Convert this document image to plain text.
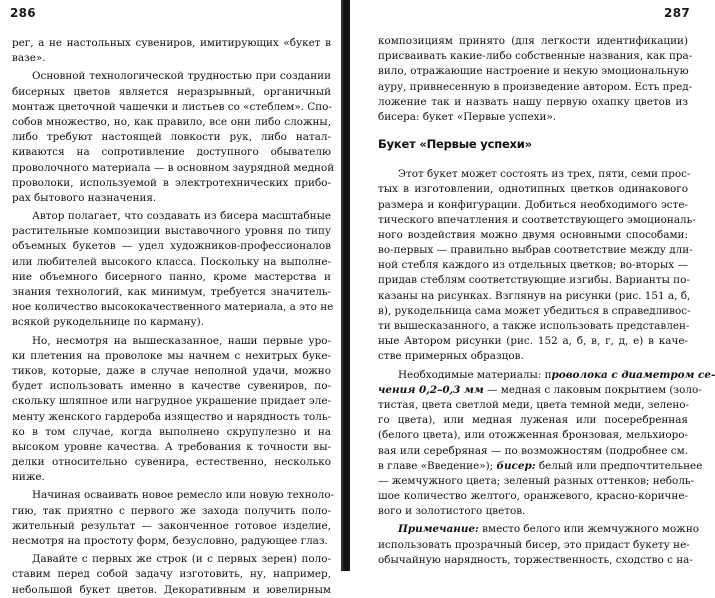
286
рег, а не настольных сувениров, имитирующих «букет в
вазе».
Основной технологической трудностью при создании
бисерных цветов является неразрывный, органичный
монтаж цветочной чашечки и листьев со «стеблем». Спо-
собов множество, но, как правило, все они либо сложны,
либо требуют настоящей ловкости рук, либо натал-
киваются на сопротивление доступного обывателю
проволочного материала — в основном заурядной медной
проволоки, используемой в электротехнических прибо-
рах бытового назначения.
Автор полагает, что создавать из бисера масштабные
растительные композиции выставочного уровня по типу
объемных букетов — удел художников-профессионалов
или любителей высокого класса. Поскольку на выполне-
ние объемного бисерного панно, кроме мастерства и
знания технологий, как минимум, требуется значитель-
ное количество высококачественного материала, а это не
всякой рукодельнице по карману).
Но, несмотря на вышесказанное, наши первые уро-
ки плетения на проволоке мы начнем с нехитрых буке-
тиков, которые, даже в случае неполной удачи, можно
будет использовать именно в качестве сувениров, по-
скольку шляпное или нагрудное украшение придает эле-
менту женского гардероба изящество и нарядность толь-
ко в том случае, когда выполнено скрупулезно и на
высоком уровне качества. А требования к точности вы-
делки относительно сувенира, естественно, несколько
ниже.
Начиная осваивать новое ремесло или новую техноло-
гию, так приятно с первого же захода получить поло-
жительный результат — законченное готовое изделие,
несмотря на простоту форм, безусловно, радующее глаз.
Давайте с первых же строк (и с первых зерен) поло-
ставим перед собой задачу изготовить, ну, например,
небольшой букет цветов. Декоративным и ювелирным
287
композициям принято (для легкости идентификации)
присваивать какие-либо собственные названия, как пра-
вило, отражающие настроение и некую эмоциональную
ауру, привнесенную в произведение автором. Есть пред-
ложение так и назвать нашу первую охапку цветов из
бисера: букет «Первые успехи».
Букет «Первые успехи»
Этот букет может состоять из трех, пяти, семи прос-
тых в изготовлении, однотипных цветков одинакового
размера и конфигурации. Добиться необходимого эсте-
тического впечатления и соответствующего эмоциональ-
ного воздействия можно двумя основными способами:
во-первых — правильно выбрав соответствие между дли-
ной стебля каждого из отдельных цветков; во-вторых —
придав стеблям соответствующие изгибы. Варианты по-
казаны на рисунках. Взглянув на рисунки (рис. 151 а, б,
в), рукодельница сама может убедиться в справедливос-
ти вышесказанного, а также использовать представлен-
ные Автором рисунки (рис. 152 а, б, в, г, д, е) в каче-
стве примерных образцов.
Необходимые материалы: проволока с диаметром се-
чения 0,2–0,3 мм — медная с лаковым покрытием (золо-
тистая, цвета светлой меди, цвета темной меди, зелено-
го цвета), или медная луженая или посеребренная
(белого цвета), или отожженная бронзовая, мельхиоро-
вая или серебряная — по возможностям (подробнее см.
в главе «Введение»); бисер: белый или предпочтительнее
— жемчужного цвета; зеленый разных оттенков; неболь-
шое количество желтого, оранжевого, красно-коричне-
вого и золотистого цветов.
Примечание: вместо белого или жемчужного можно
использовать прозрачный бисер, это придаст букету не-
обычайную нарядность, торжественность, сходство с на-
